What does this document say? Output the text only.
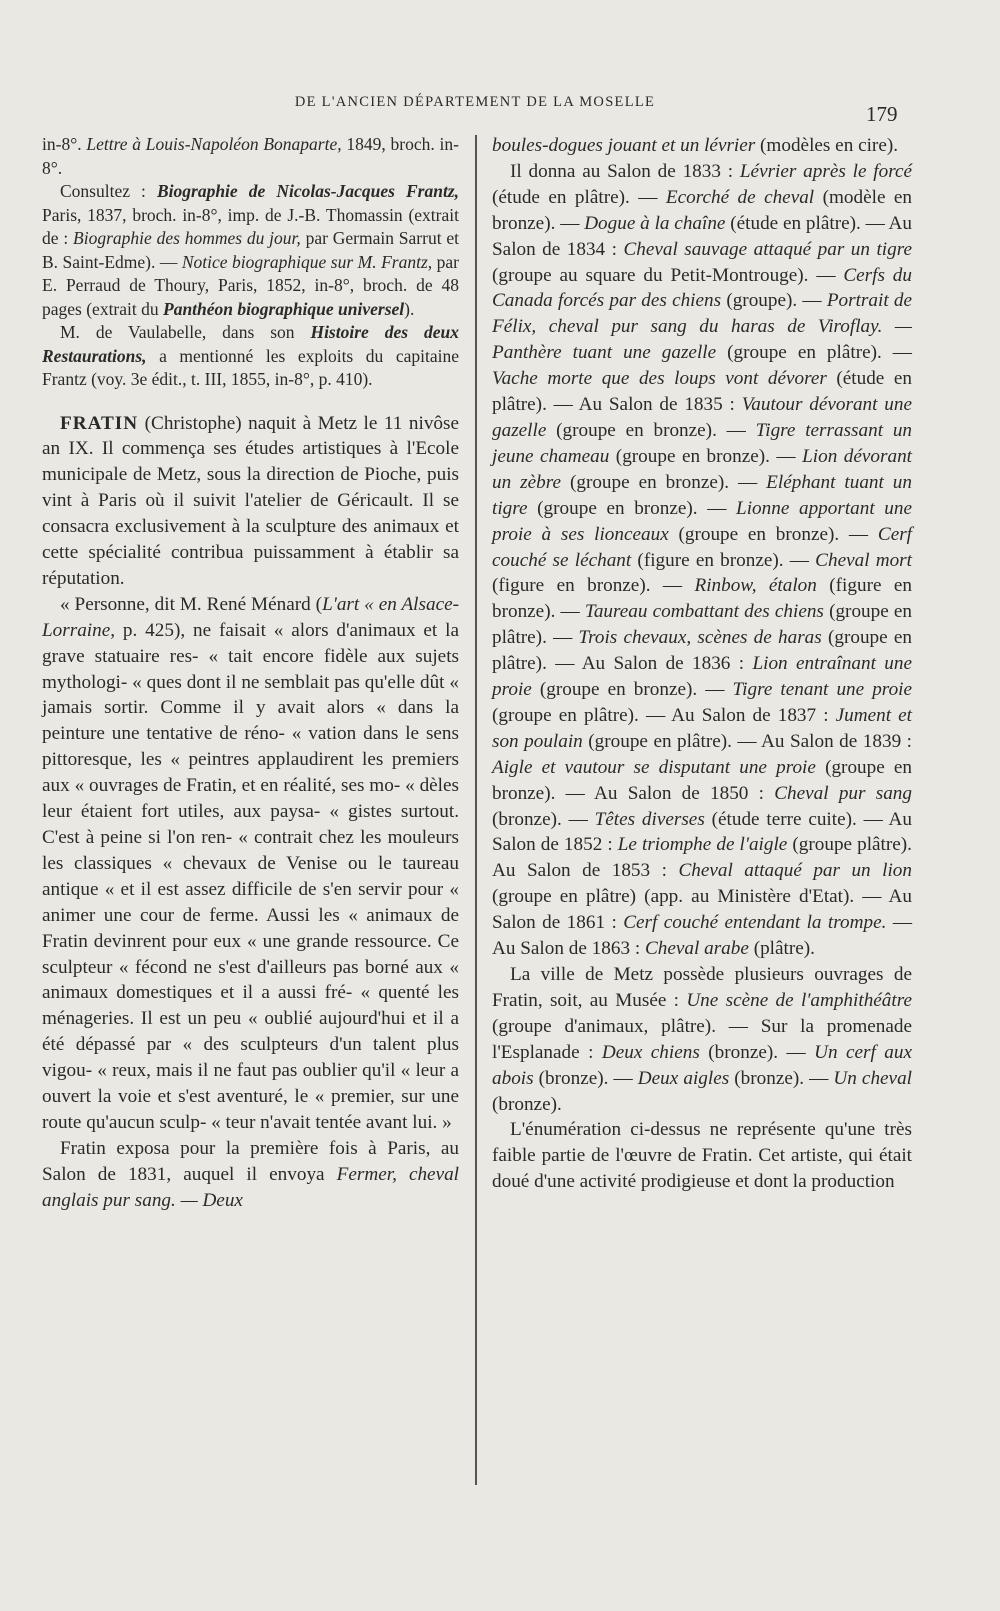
DE L'ANCIEN DÉPARTEMENT DE LA MOSELLE	179

in-8°. Lettre à Louis-Napoléon Bonaparte, 1849, broch. in-8°.

Consultez : Biographie de Nicolas-Jacques Frantz, Paris, 1837, broch. in-8°, imp. de J.-B. Thomassin (extrait de : Biographie des hommes du jour, par Germain Sarrut et B. Saint-Edme). — Notice biographique sur M. Frantz, par E. Perraud de Thoury, Paris, 1852, in-8°, broch. de 48 pages (extrait du Panthéon biographique universel).

M. de Vaulabelle, dans son Histoire des deux Restaurations, a mentionné les exploits du capitaine Frantz (voy. 3e édit., t. III, 1855, in-8°, p. 410).

FRATIN (Christophe) naquit à Metz le 11 nivôse an IX. Il commença ses études artistiques à l'Ecole municipale de Metz, sous la direction de Pioche, puis vint à Paris où il suivit l'atelier de Géricault. Il se consacra exclusivement à la sculpture des animaux et cette spécialité contribua puissamment à établir sa réputation.

« Personne, dit M. René Ménard (L'art « en Alsace-Lorraine, p. 425), ne faisait « alors d'animaux et la grave statuaire res- « tait encore fidèle aux sujets mythologi- « ques dont il ne semblait pas qu'elle dût « jamais sortir. Comme il y avait alors « dans la peinture une tentative de réno- « vation dans le sens pittoresque, les « peintres applaudirent les premiers aux « ouvrages de Fratin, et en réalité, ses mo- « dèles leur étaient fort utiles, aux paysa- « gistes surtout. C'est à peine si l'on ren- « contrait chez les mouleurs les classiques « chevaux de Venise ou le taureau antique « et il est assez difficile de s'en servir pour « animer une cour de ferme. Aussi les « animaux de Fratin devinrent pour eux « une grande ressource. Ce sculpteur « fécond ne s'est d'ailleurs pas borné aux « animaux domestiques et il a aussi fré- « quenté les ménageries. Il est un peu « oublié aujourd'hui et il a été dépassé par « des sculpteurs d'un talent plus vigou- « reux, mais il ne faut pas oublier qu'il « leur a ouvert la voie et s'est aventuré, le « premier, sur une route qu'aucun sculp- « teur n'avait tentée avant lui. »

Fratin exposa pour la première fois à Paris, au Salon de 1831, auquel il envoya Fermer, cheval anglais pur sang. — Deux

boules-dogues jouant et un lévrier (modèles en cire).

Il donna au Salon de 1833 : Lévrier après le forcé (étude en plâtre). — Ecorché de cheval (modèle en bronze). — Dogue à la chaîne (étude en plâtre). — Au Salon de 1834 : Cheval sauvage attaqué par un tigre (groupe au square du Petit-Montrouge). — Cerfs du Canada forcés par des chiens (groupe). — Portrait de Félix, cheval pur sang du haras de Viroflay. — Panthère tuant une gazelle (groupe en plâtre). — Vache morte que des loups vont dévorer (étude en plâtre). — Au Salon de 1835 : Vautour dévorant une gazelle (groupe en bronze). — Tigre terrassant un jeune chameau (groupe en bronze). — Lion dévorant un zèbre (groupe en bronze). — Eléphant tuant un tigre (groupe en bronze). — Lionne apportant une proie à ses lionceaux (groupe en bronze). — Cerf couché se léchant (figure en bronze). — Cheval mort (figure en bronze). — Rinbow, étalon (figure en bronze). — Taureau combattant des chiens (groupe en plâtre). — Trois chevaux, scènes de haras (groupe en plâtre). — Au Salon de 1836 : Lion entraînant une proie (groupe en bronze). — Tigre tenant une proie (groupe en plâtre). — Au Salon de 1837 : Jument et son poulain (groupe en plâtre). — Au Salon de 1839 : Aigle et vautour se disputant une proie (groupe en bronze). — Au Salon de 1850 : Cheval pur sang (bronze). — Têtes diverses (étude terre cuite). — Au Salon de 1852 : Le triomphe de l'aigle (groupe plâtre). Au Salon de 1853 : Cheval attaqué par un lion (groupe en plâtre) (app. au Ministère d'Etat). — Au Salon de 1861 : Cerf couché entendant la trompe. — Au Salon de 1863 : Cheval arabe (plâtre).

La ville de Metz possède plusieurs ouvrages de Fratin, soit, au Musée : Une scène de l'amphithéâtre (groupe d'animaux, plâtre). — Sur la promenade l'Esplanade : Deux chiens (bronze). — Un cerf aux abois (bronze). — Deux aigles (bronze). — Un cheval (bronze).

L'énumération ci-dessus ne représente qu'une très faible partie de l'œuvre de Fratin. Cet artiste, qui était doué d'une activité prodigieuse et dont la production
